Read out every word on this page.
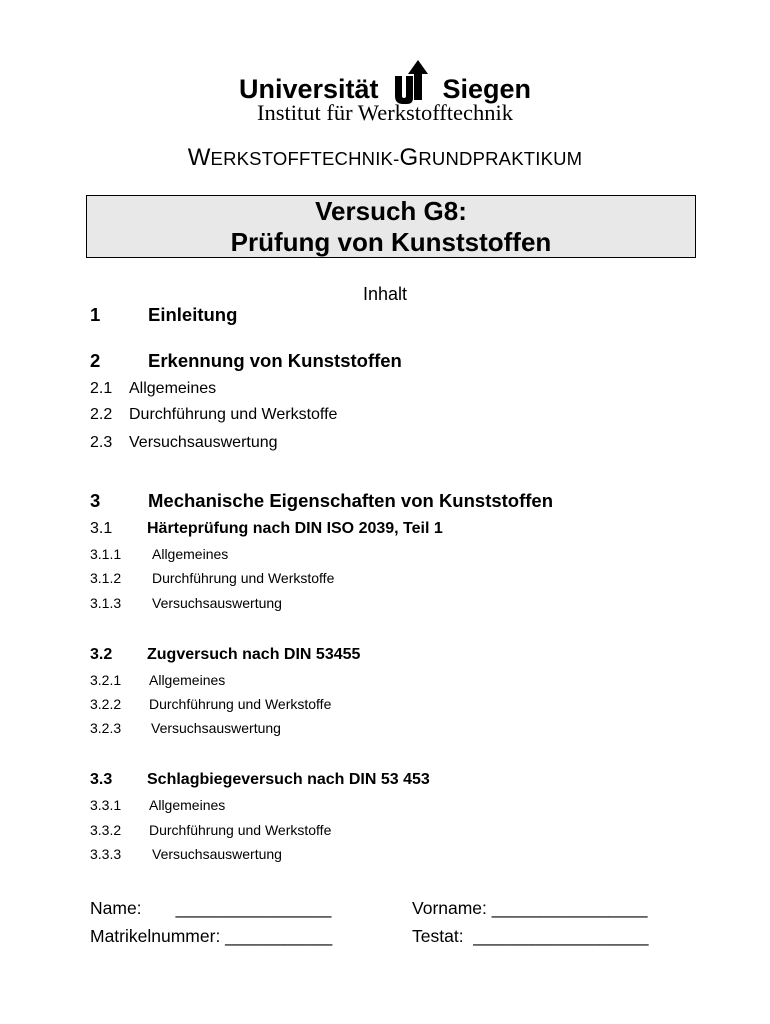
Universität Siegen
Institut für Werkstofftechnik
WERKSTOFFTECHNIK-GRUNDPRAKTIKUM
Versuch G8:
Prüfung von Kunststoffen
Inhalt
1	Einleitung
2	Erkennung von Kunststoffen
2.1 Allgemeines
2.2 Durchführung und Werkstoffe
2.3 Versuchsauswertung
3	Mechanische Eigenschaften von Kunststoffen
3.1 Härteprüfung nach DIN ISO 2039, Teil 1
3.1.1 Allgemeines
3.1.2 Durchführung und Werkstoffe
3.1.3 Versuchsauswertung
3.2 Zugversuch nach DIN 53455
3.2.1 Allgemeines
3.2.2 Durchführung und Werkstoffe
3.2.3 Versuchsauswertung
3.3 Schlagbiegeversuch nach DIN 53 453
3.3.1 Allgemeines
3.3.2 Durchführung und Werkstoffe
3.3.3 Versuchsauswertung
Name:       ________________	Vorname: ________________
Matrikelnummer: ___________	Testat:  __________________
